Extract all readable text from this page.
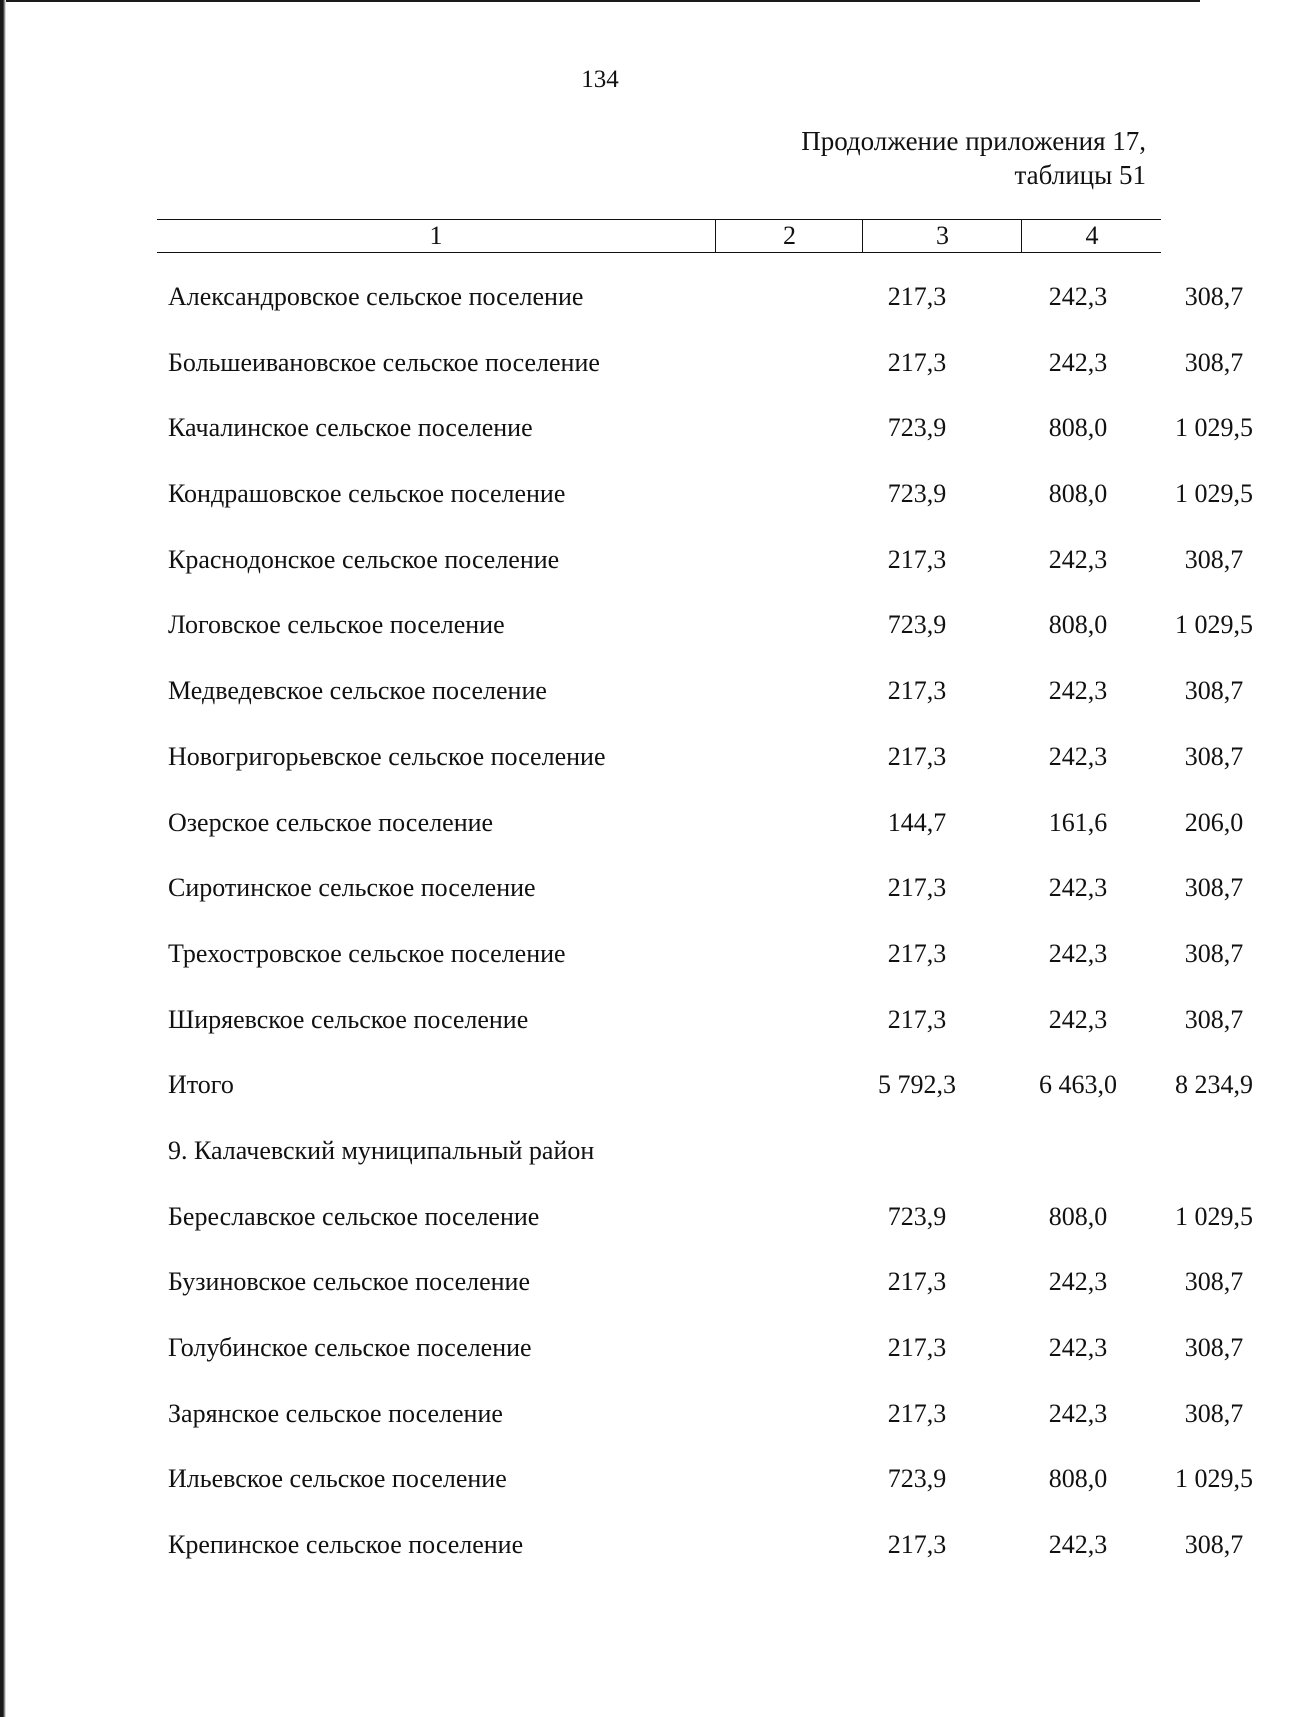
134
Продолжение приложения 17,
таблицы 51
1	2	3	4
Александровское сельское поселение	217,3	242,3	308,7
Большеивановское сельское поселение	217,3	242,3	308,7
Качалинское сельское поселение	723,9	808,0	1 029,5
Кондрашовское сельское поселение	723,9	808,0	1 029,5
Краснодонское сельское поселение	217,3	242,3	308,7
Логовское сельское поселение	723,9	808,0	1 029,5
Медведевское сельское поселение	217,3	242,3	308,7
Новогригорьевское сельское поселение	217,3	242,3	308,7
Озерское сельское поселение	144,7	161,6	206,0
Сиротинское сельское поселение	217,3	242,3	308,7
Трехостровское сельское поселение	217,3	242,3	308,7
Ширяевское сельское поселение	217,3	242,3	308,7
Итого	5 792,3	6 463,0	8 234,9
9. Калачевский муниципальный район
Береславское сельское поселение	723,9	808,0	1 029,5
Бузиновское сельское поселение	217,3	242,3	308,7
Голубинское сельское поселение	217,3	242,3	308,7
Зарянское сельское поселение	217,3	242,3	308,7
Ильевское сельское поселение	723,9	808,0	1 029,5
Крепинское сельское поселение	217,3	242,3	308,7
